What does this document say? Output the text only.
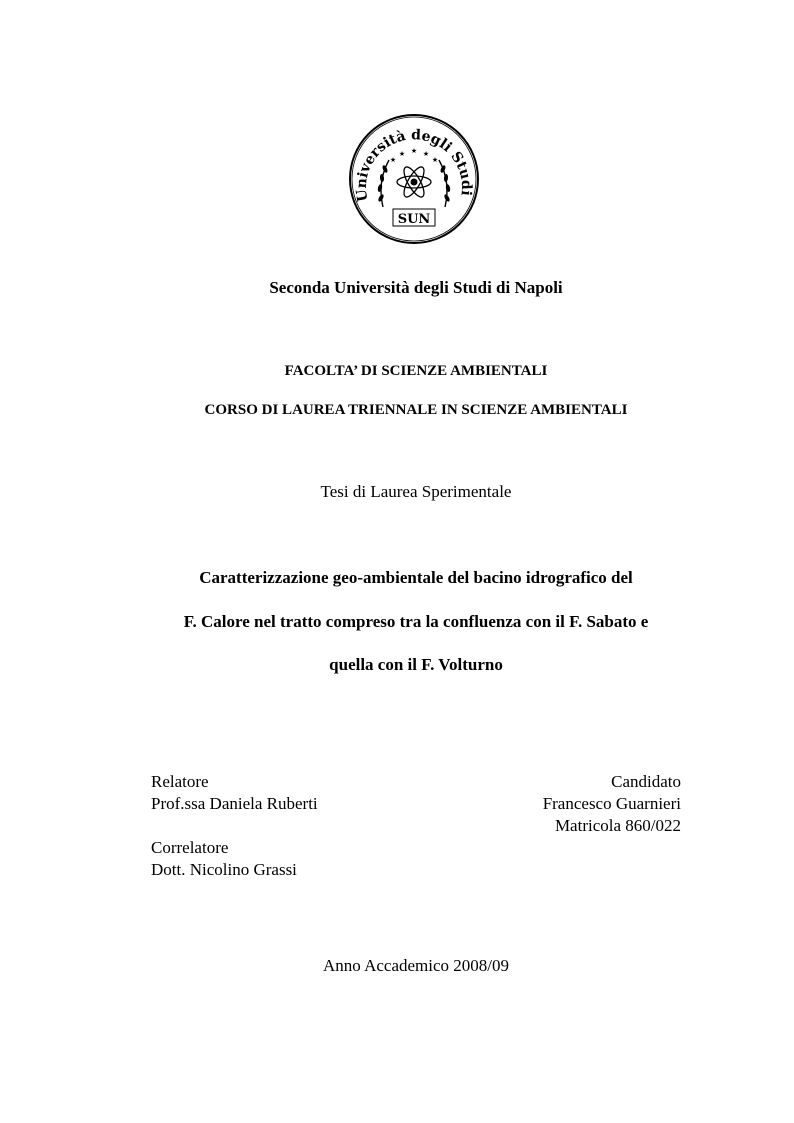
Università degli Studi
★
★ ★ ★
★
SUN
Seconda Università degli Studi di Napoli
FACOLTA’ DI SCIENZE AMBIENTALI
CORSO DI LAUREA TRIENNALE IN SCIENZE AMBIENTALI
Tesi di Laurea Sperimentale
Caratterizzazione geo-ambientale del bacino idrografico del
F. Calore nel tratto compreso tra la confluenza con il F. Sabato e
quella con il F. Volturno
Relatore
Prof.ssa Daniela Ruberti
Correlatore
Dott. Nicolino Grassi
Candidato
Francesco Guarnieri
Matricola 860/022
Anno Accademico 2008/09
